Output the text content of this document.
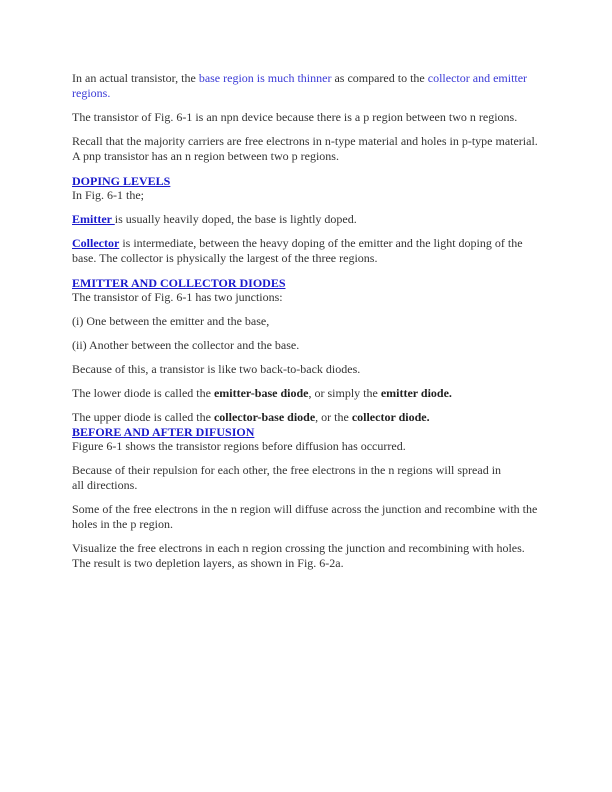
In an actual transistor, the base region is much thinner as compared to the collector and emitter regions.

The transistor of Fig. 6-1 is an npn device because there is a p region between two n regions.

Recall that the majority carriers are free electrons in n-type material and holes in p-type material. A pnp transistor has an n region between two p regions.

DOPING LEVELS

In Fig. 6-1 the;

Emitter is usually heavily doped, the base is lightly doped.

Collector is intermediate, between the heavy doping of the emitter and the light doping of the base. The collector is physically the largest of the three regions.

EMITTER AND COLLECTOR DIODES

The transistor of Fig. 6-1 has two junctions:

(i) One between the emitter and the base,

(ii) Another between the collector and the base.

Because of this, a transistor is like two back-to-back diodes.

The lower diode is called the emitter-base diode, or simply the emitter diode.

The upper diode is called the collector-base diode, or the collector diode.

BEFORE AND AFTER DIFUSION

Figure 6-1 shows the transistor regions before diffusion has occurred.

Because of their repulsion for each other, the free electrons in the n regions will spread in all directions.

Some of the free electrons in the n region will diffuse across the junction and recombine with the holes in the p region.

Visualize the free electrons in each n region crossing the junction and recombining with holes. The result is two depletion layers, as shown in Fig. 6-2a.
